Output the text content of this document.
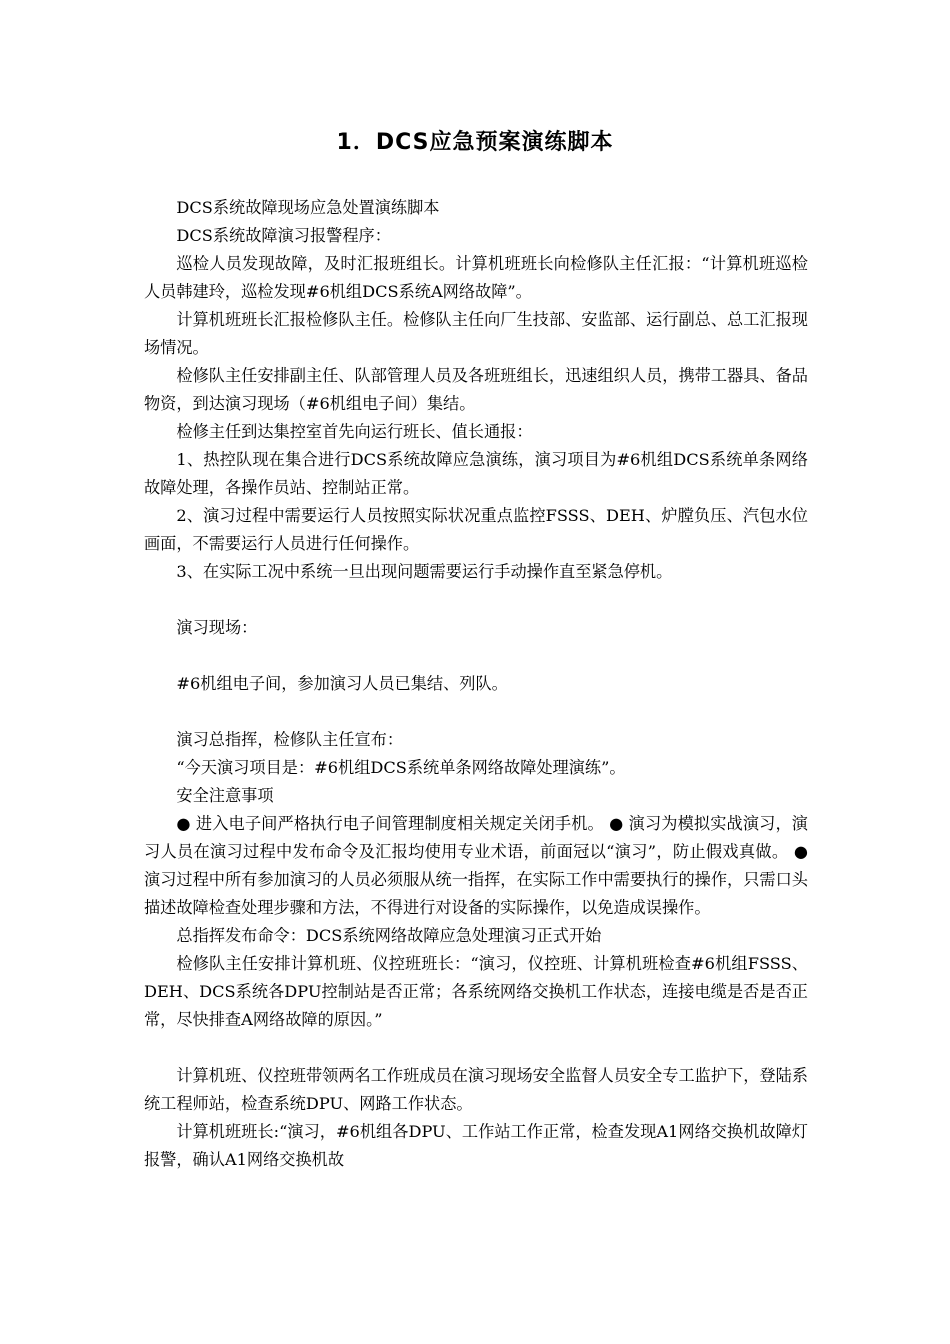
1．DCS应急预案演练脚本

DCS系统故障现场应急处置演练脚本

DCS系统故障演习报警程序：

巡检人员发现故障，及时汇报班组长。计算机班班长向检修队主任汇报：“计算机班巡检人员韩建玲，巡检发现#6机组DCS系统A网络故障”。

计算机班班长汇报检修队主任。检修队主任向厂生技部、安监部、运行副总、总工汇报现场情况。

检修队主任安排副主任、队部管理人员及各班班组长，迅速组织人员，携带工器具、备品物资，到达演习现场（#6机组电子间）集结。

检修主任到达集控室首先向运行班长、值长通报：

1、热控队现在集合进行DCS系统故障应急演练，演习项目为#6机组DCS系统单条网络故障处理，各操作员站、控制站正常。

2、演习过程中需要运行人员按照实际状况重点监控FSSS、DEH、炉膛负压、汽包水位画面，不需要运行人员进行任何操作。

3、在实际工况中系统一旦出现问题需要运行手动操作直至紧急停机。

演习现场：

#6机组电子间，参加演习人员已集结、列队。

演习总指挥，检修队主任宣布：

“今天演习项目是：#6机组DCS系统单条网络故障处理演练”。

安全注意事项

● 进入电子间严格执行电子间管理制度相关规定关闭手机。 ● 演习为模拟实战演习，演习人员在演习过程中发布命令及汇报均使用专业术语，前面冠以“演习”，防止假戏真做。 ● 演习过程中所有参加演习的人员必须服从统一指挥，在实际工作中需要执行的操作，只需口头描述故障检查处理步骤和方法，不得进行对设备的实际操作，以免造成误操作。

总指挥发布命令：DCS系统网络故障应急处理演习正式开始

检修队主任安排计算机班、仪控班班长：“演习，仪控班、计算机班检查#6机组FSSS、DEH、DCS系统各DPU控制站是否正常；各系统网络交换机工作状态，连接电缆是否是否正常，尽快排查A网络故障的原因。”

计算机班、仪控班带领两名工作班成员在演习现场安全监督人员安全专工监护下，登陆系统工程师站，检查系统DPU、网路工作状态。

计算机班班长:“演习，#6机组各DPU、工作站工作正常，检查发现A1网络交换机故障灯报警，确认A1网络交换机故
